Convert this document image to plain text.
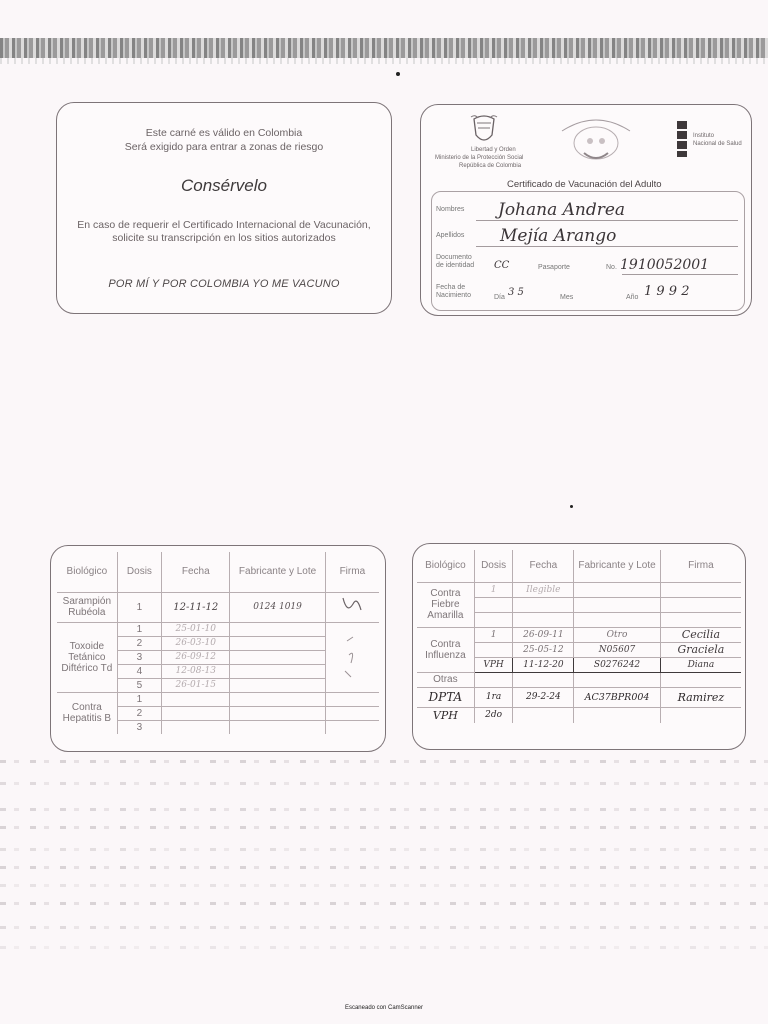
Este carné es válido en Colombia
Será exigido para entrar a zonas de riesgo
Consérvelo
En caso de requerir el Certificado Internacional de Vacunación,
solicite su transcripción en los sitios autorizados
POR MÍ Y POR COLOMBIA YO ME VACUNO
Libertad y Orden
Ministerio de la Protección Social
República de Colombia
Instituto
Nacional de Salud
Certificado de Vacunación del Adulto
Nombres Johana Andrea
Apellidos Mejía Arango
Documento
de identidad CC	Pasaporte	No. 1910052001
Fecha de
Nacimiento	Día 3 5	Mes	Año 1 9 9 2
Biológico	Dosis	Fecha	Fabricante y Lote	Firma
Sarampión Rubéola	1	12-11-12	0124 1019	
Toxoide Tetánico Diftérico Td	1	25-01-10		
	2	26-03-10		
	3	26-09-12		
	4	12-08-13		
	5	26-01-15		
Contra Hepatitis B	1			
	2			
	3			
Biológico	Dosis	Fecha	Fabricante y Lote	Firma
Contra Fiebre Amarilla	1	Ilegible		

Contra Influenza	1	26-09-11	Otro	Cecilia
		25-05-12	N05607	Graciela
	VPH	11-12-20	S0276242	Diana
Otras				
DPTA	1ra	29-2-24	AC37BPR004	Ramirez
VPH	2do			
Escaneado con CamScanner
